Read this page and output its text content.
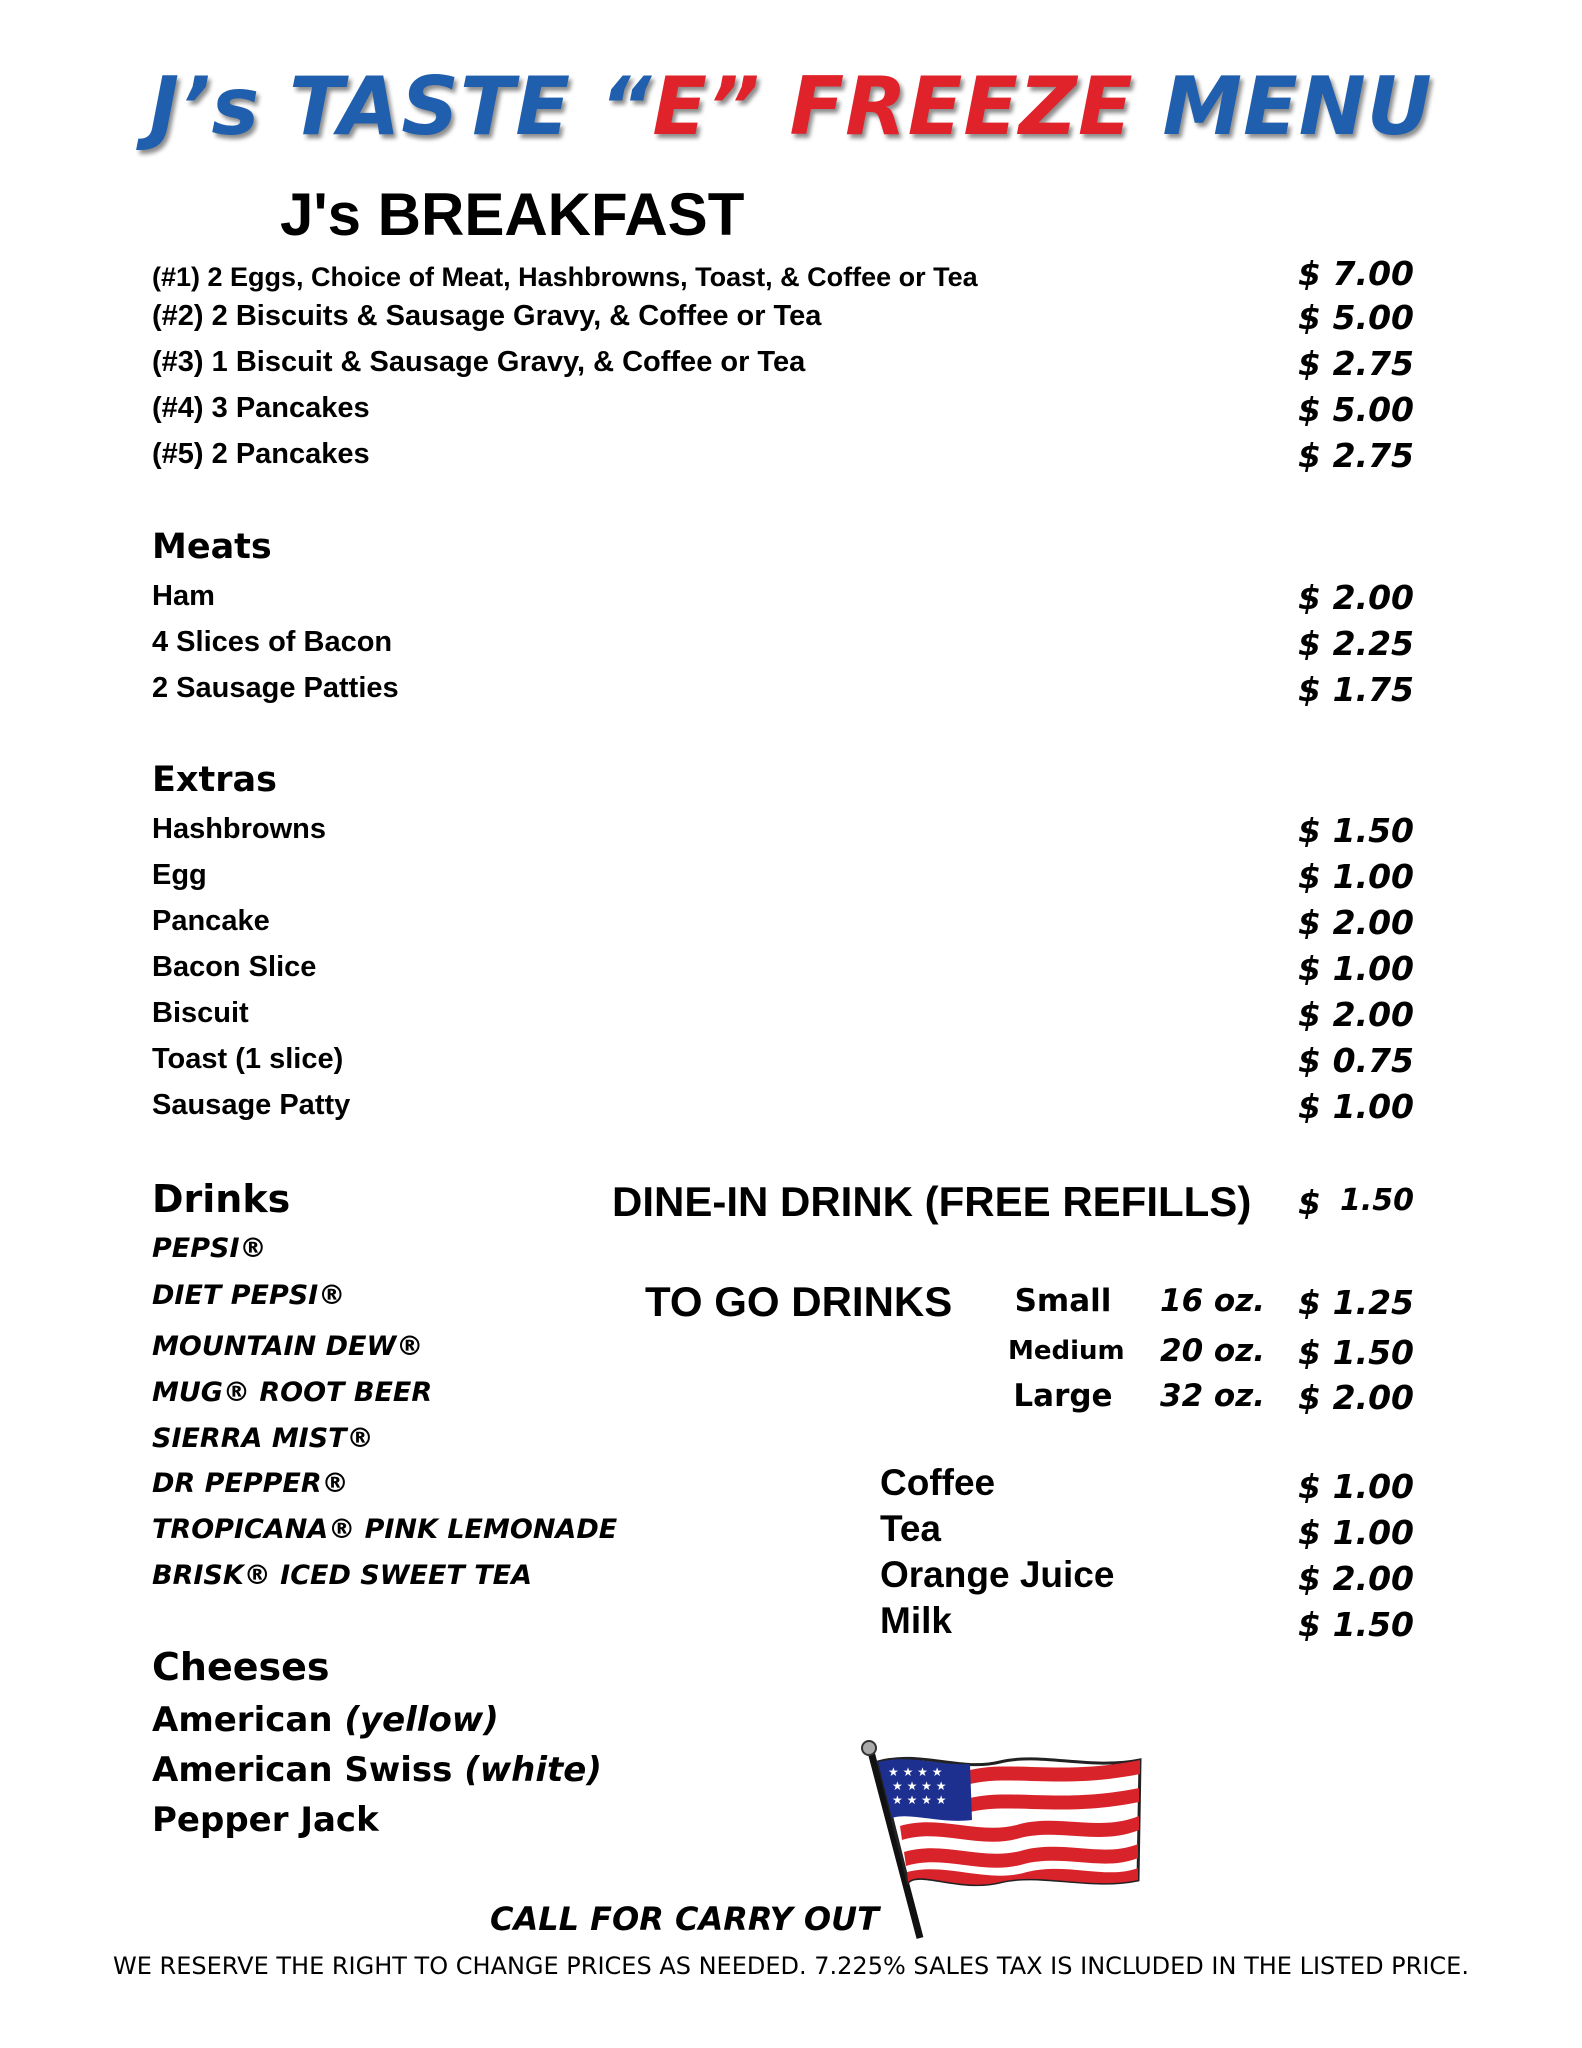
J’s TASTE “E” FREEZE MENU
J's BREAKFAST
(#1) 2 Eggs, Choice of Meat, Hashbrowns, Toast, & Coffee or Tea	$ 7.00
(#2) 2 Biscuits & Sausage Gravy, & Coffee or Tea	$ 5.00
(#3) 1 Biscuit & Sausage Gravy, & Coffee or Tea	$ 2.75
(#4) 3 Pancakes	$ 5.00
(#5) 2 Pancakes	$ 2.75
Meats
Ham	$ 2.00
4 Slices of Bacon	$ 2.25
2 Sausage Patties	$ 1.75
Extras
Hashbrowns	$ 1.50
Egg	$ 1.00
Pancake	$ 2.00
Bacon Slice	$ 1.00
Biscuit	$ 2.00
Toast (1 slice)	$ 0.75
Sausage Patty	$ 1.00
Drinks	DINE-IN DRINK (FREE REFILLS) $ 1.50
PEPSI®
DIET PEPSI®
MOUNTAIN DEW®
MUG® ROOT BEER
SIERRA MIST®
DR PEPPER®
TROPICANA® PINK LEMONADE
BRISK® ICED SWEET TEA
TO GO DRINKS Small 16 oz. $ 1.25
Medium 20 oz. $ 1.50
Large 32 oz. $ 2.00
Coffee	$ 1.00
Tea	$ 1.00
Orange Juice	$ 2.00
Milk	$ 1.50
Cheeses
American (yellow)
American Swiss (white)
Pepper Jack
★ ★ ★ ★
★ ★ ★ ★
★ ★ ★ ★
CALL FOR CARRY OUT
WE RESERVE THE RIGHT TO CHANGE PRICES AS NEEDED. 7.225% SALES TAX IS INCLUDED IN THE LISTED PRICE.
